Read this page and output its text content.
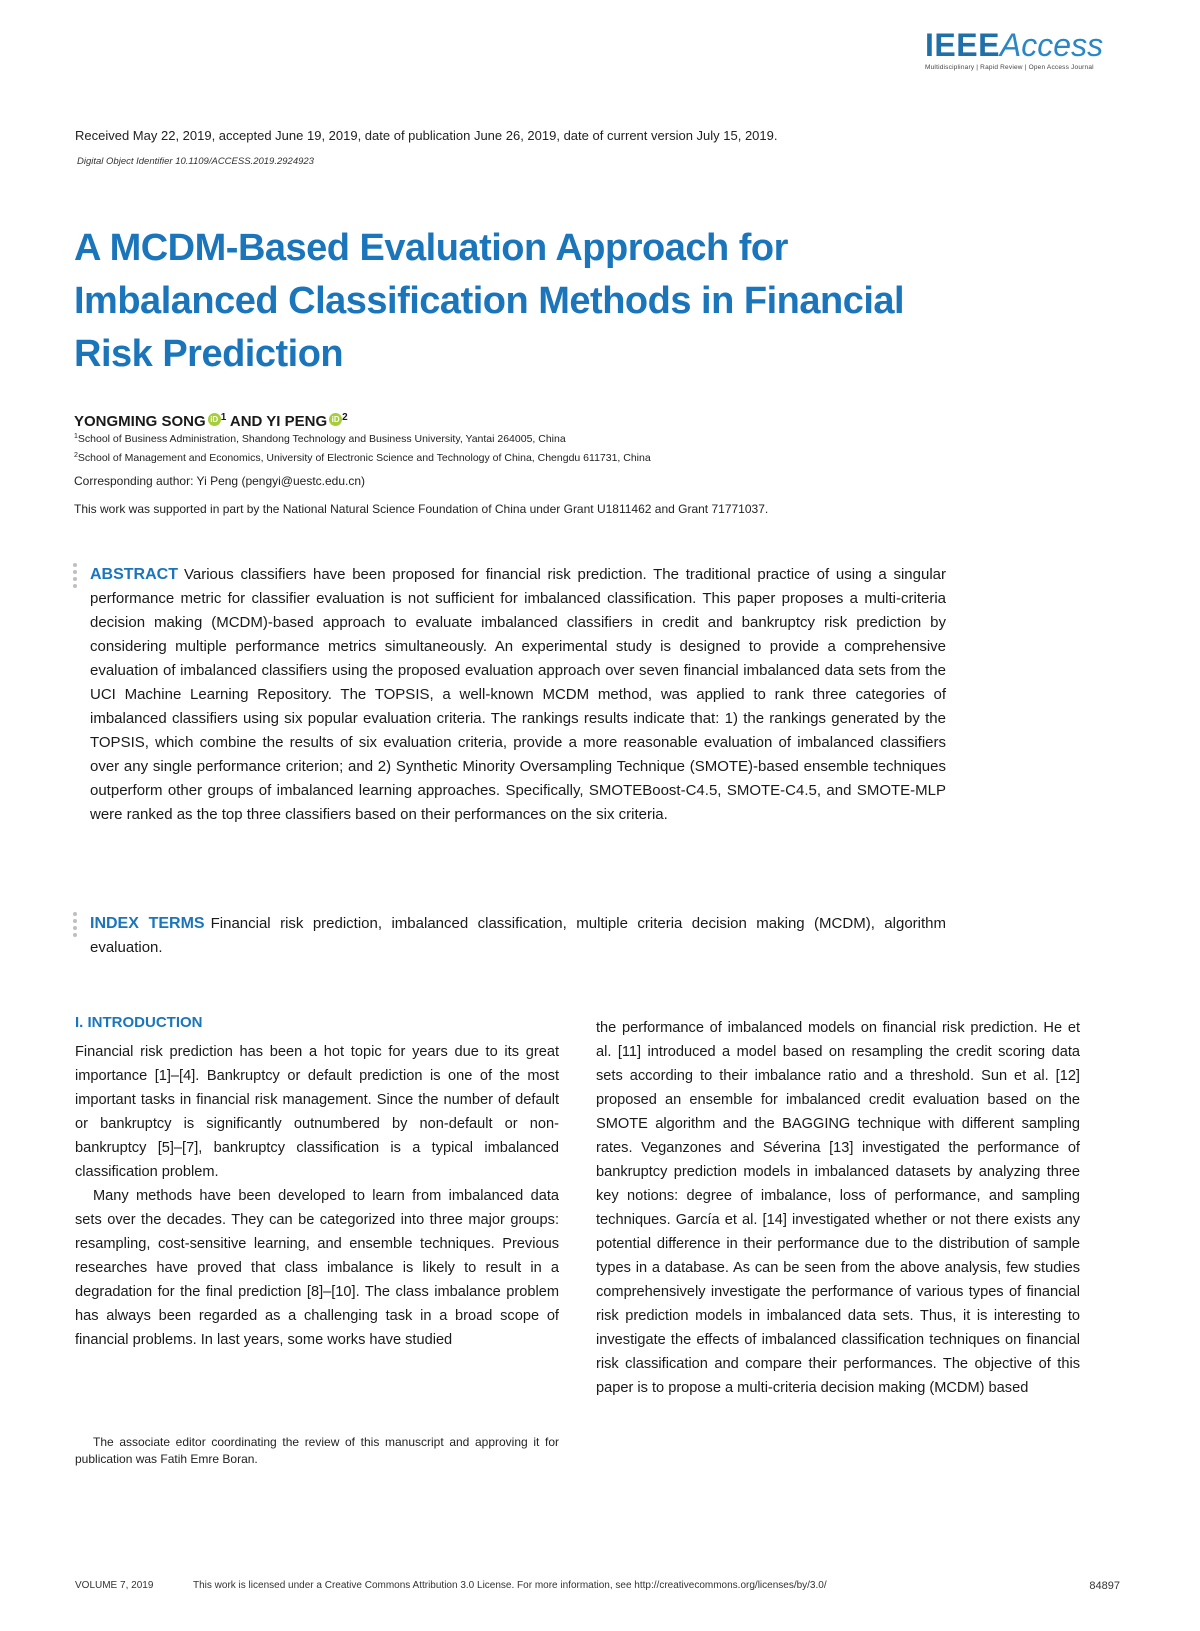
IEEEAccess
Multidisciplinary | Rapid Review | Open Access Journal
Received May 22, 2019, accepted June 19, 2019, date of publication June 26, 2019, date of current version July 15, 2019.
Digital Object Identifier 10.1109/ACCESS.2019.2924923
A MCDM-Based Evaluation Approach for Imbalanced Classification Methods in Financial Risk Prediction
YONGMING SONG iD $^1$ AND YI PENG iD $^2$
$^1$School of Business Administration, Shandong Technology and Business University, Yantai 264005, China
$^2$School of Management and Economics, University of Electronic Science and Technology of China, Chengdu 611731, China
Corresponding author: Yi Peng (pengyi@uestc.edu.cn)
This work was supported in part by the National Natural Science Foundation of China under Grant U1811462 and Grant 71771037.
ABSTRACT Various classifiers have been proposed for financial risk prediction. The traditional practice of using a singular performance metric for classifier evaluation is not sufficient for imbalanced classification. This paper proposes a multi-criteria decision making (MCDM)-based approach to evaluate imbalanced classifiers in credit and bankruptcy risk prediction by considering multiple performance metrics simultaneously. An experimental study is designed to provide a comprehensive evaluation of imbalanced classifiers using the proposed evaluation approach over seven financial imbalanced data sets from the UCI Machine Learning Repository. The TOPSIS, a well-known MCDM method, was applied to rank three categories of imbalanced classifiers using six popular evaluation criteria. The rankings results indicate that: 1) the rankings generated by the TOPSIS, which combine the results of six evaluation criteria, provide a more reasonable evaluation of imbalanced classifiers over any single performance criterion; and 2) Synthetic Minority Oversampling Technique (SMOTE)-based ensemble techniques outperform other groups of imbalanced learning approaches. Specifically, SMOTEBoost-C4.5, SMOTE-C4.5, and SMOTE-MLP were ranked as the top three classifiers based on their performances on the six criteria.
INDEX TERMS Financial risk prediction, imbalanced classification, multiple criteria decision making (MCDM), algorithm evaluation.
I. INTRODUCTION

Financial risk prediction has been a hot topic for years due to its great importance [1]–[4]. Bankruptcy or default prediction is one of the most important tasks in financial risk management. Since the number of default or bankruptcy is significantly outnumbered by non-default or non-bankruptcy [5]–[7], bankruptcy classification is a typical imbalanced classification problem.

Many methods have been developed to learn from imbalanced data sets over the decades. They can be categorized into three major groups: resampling, cost-sensitive learning, and ensemble techniques. Previous researches have proved that class imbalance is likely to result in a degradation for the final prediction [8]–[10]. The class imbalance problem has always been regarded as a challenging task in a broad scope of financial problems. In last years, some works have studied

the performance of imbalanced models on financial risk prediction. He et al. [11] introduced a model based on resampling the credit scoring data sets according to their imbalance ratio and a threshold. Sun et al. [12] proposed an ensemble for imbalanced credit evaluation based on the SMOTE algorithm and the BAGGING technique with different sampling rates. Veganzones and Séverina [13] investigated the performance of bankruptcy prediction models in imbalanced datasets by analyzing three key notions: degree of imbalance, loss of performance, and sampling techniques. García et al. [14] investigated whether or not there exists any potential difference in their performance due to the distribution of sample types in a database. As can be seen from the above analysis, few studies comprehensively investigate the performance of various types of financial risk prediction models in imbalanced data sets. Thus, it is interesting to investigate the effects of imbalanced classification techniques on financial risk classification and compare their performances. The objective of this paper is to propose a multi-criteria decision making (MCDM) based

The associate editor coordinating the review of this manuscript and approving it for publication was Fatih Emre Boran.
VOLUME 7, 2019	This work is licensed under a Creative Commons Attribution 3.0 License. For more information, see http://creativecommons.org/licenses/by/3.0/	84897
